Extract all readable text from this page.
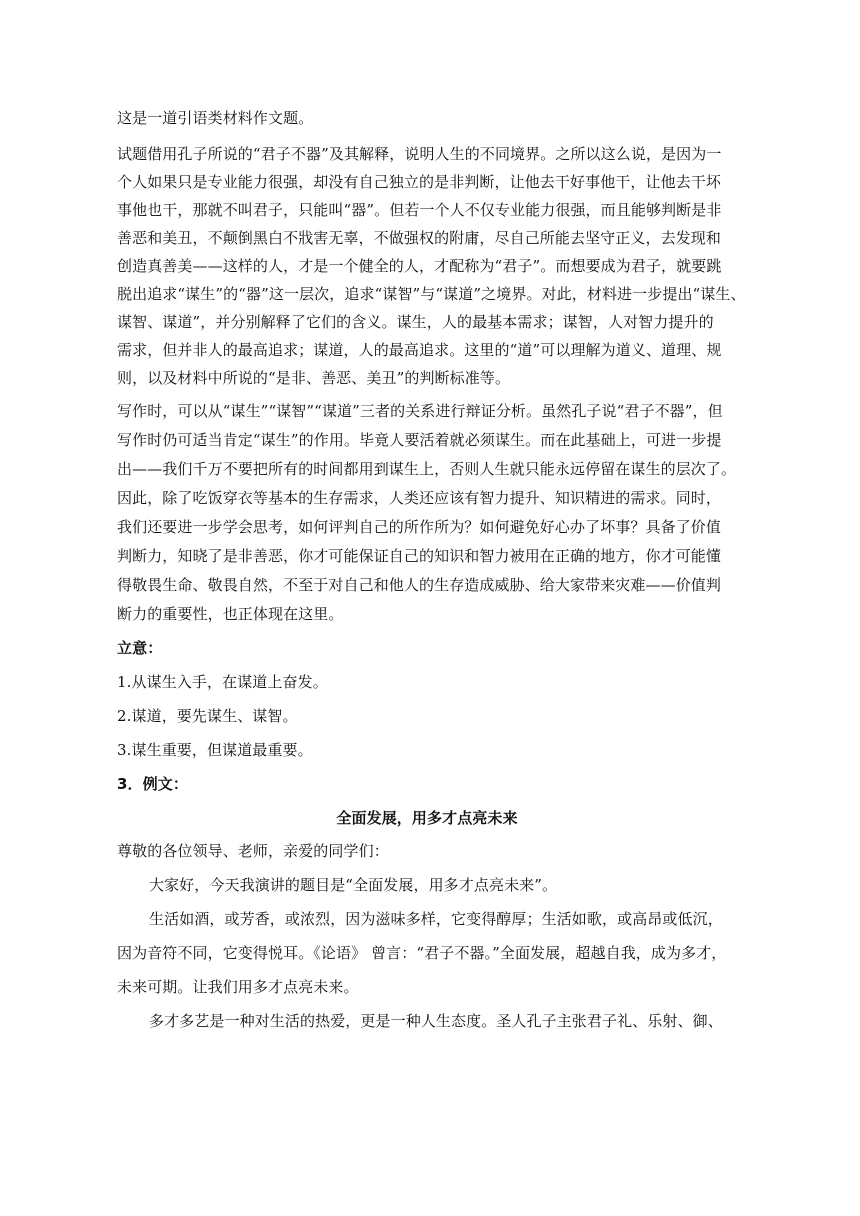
这是一道引语类材料作文题。
试题借用孔子所说的“君子不器”及其解释，说明人生的不同境界。之所以这么说，是因为一
个人如果只是专业能力很强，却没有自己独立的是非判断，让他去干好事他干，让他去干坏
事他也干，那就不叫君子，只能叫“器”。但若一个人不仅专业能力很强，而且能够判断是非
善恶和美丑，不颠倒黑白不戕害无辜，不做强权的附庸，尽自己所能去坚守正义，去发现和
创造真善美——这样的人，才是一个健全的人，才配称为“君子”。而想要成为君子，就要跳
脱出追求“谋生”的“器”这一层次，追求“谋智”与“谋道”之境界。对此，材料进一步提出“谋生、
谋智、谋道”，并分别解释了它们的含义。谋生，人的最基本需求；谋智，人对智力提升的
需求，但并非人的最高追求；谋道，人的最高追求。这里的“道”可以理解为道义、道理、规
则，以及材料中所说的“是非、善恶、美丑”的判断标准等。
写作时，可以从“谋生”“谋智”“谋道”三者的关系进行辩证分析。虽然孔子说“君子不器”，但
写作时仍可适当肯定“谋生”的作用。毕竟人要活着就必须谋生。而在此基础上，可进一步提
出——我们千万不要把所有的时间都用到谋生上，否则人生就只能永远停留在谋生的层次了。
因此，除了吃饭穿衣等基本的生存需求，人类还应该有智力提升、知识精进的需求。同时，
我们还要进一步学会思考，如何评判自己的所作所为？如何避免好心办了坏事？具备了价值
判断力，知晓了是非善恶，你才可能保证自己的知识和智力被用在正确的地方，你才可能懂
得敬畏生命、敬畏自然，不至于对自己和他人的生存造成威胁、给大家带来灾难——价值判
断力的重要性，也正体现在这里。
立意：
1.从谋生入手，在谋道上奋发。
2.谋道，要先谋生、谋智。
3.谋生重要，但谋道最重要。
3．例文：
全面发展，用多才点亮未来
尊敬的各位领导、老师，亲爱的同学们：
大家好，今天我演讲的题目是“全面发展，用多才点亮未来”。
生活如酒，或芳香，或浓烈，因为滋味多样，它变得醇厚；生活如歌，或高昂或低沉，
因为音符不同，它变得悦耳。《论语》 曾言：“君子不器。”全面发展，超越自我，成为多才，
未来可期。让我们用多才点亮未来。
多才多艺是一种对生活的热爱，更是一种人生态度。圣人孔子主张君子礼、乐射、御、
